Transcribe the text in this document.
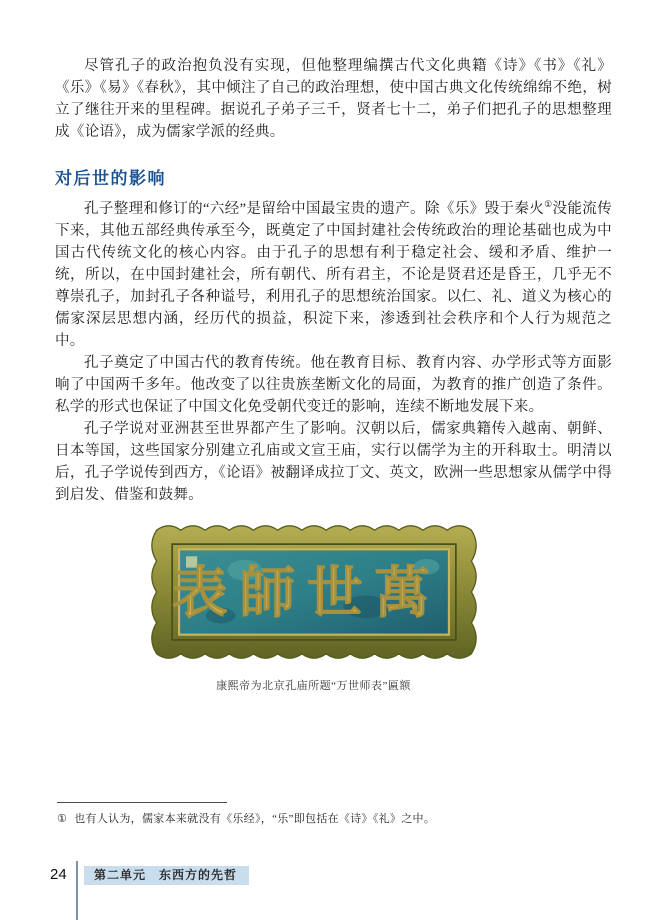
尽管孔子的政治抱负没有实现，但他整理编撰古代文化典籍《诗》《书》《礼》《乐》《易》《春秋》，其中倾注了自己的政治理想，使中国古典文化传统绵绵不绝，树立了继往开来的里程碑。据说孔子弟子三千，贤者七十二，弟子们把孔子的思想整理成《论语》，成为儒家学派的经典。

对后世的影响

孔子整理和修订的“六经”是留给中国最宝贵的遗产。除《乐》毁于秦火①没能流传下来，其他五部经典传承至今，既奠定了中国封建社会传统政治的理论基础也成为中国古代传统文化的核心内容。由于孔子的思想有利于稳定社会、缓和矛盾、维护一统，所以，在中国封建社会，所有朝代、所有君主，不论是贤君还是昏王，几乎无不尊崇孔子，加封孔子各种谥号，利用孔子的思想统治国家。以仁、礼、道义为核心的儒家深层思想内涵，经历代的损益，积淀下来，渗透到社会秩序和个人行为规范之中。

孔子奠定了中国古代的教育传统。他在教育目标、教育内容、办学形式等方面影响了中国两千多年。他改变了以往贵族垄断文化的局面，为教育的推广创造了条件。私学的形式也保证了中国文化免受朝代变迁的影响，连续不断地发展下来。

孔子学说对亚洲甚至世界都产生了影响。汉朝以后，儒家典籍传入越南、朝鲜、日本等国，这些国家分别建立孔庙或文宣王庙，实行以儒学为主的开科取士。明清以后，孔子学说传到西方，《论语》被翻译成拉丁文、英文，欧洲一些思想家从儒学中得到启发、借鉴和鼓舞。

表師世萬
康熙帝为北京孔庙所题“万世师表”匾额

① 也有人认为，儒家本来就没有《乐经》，“乐”即包括在《诗》《礼》之中。

24	第二单元　东西方的先哲
